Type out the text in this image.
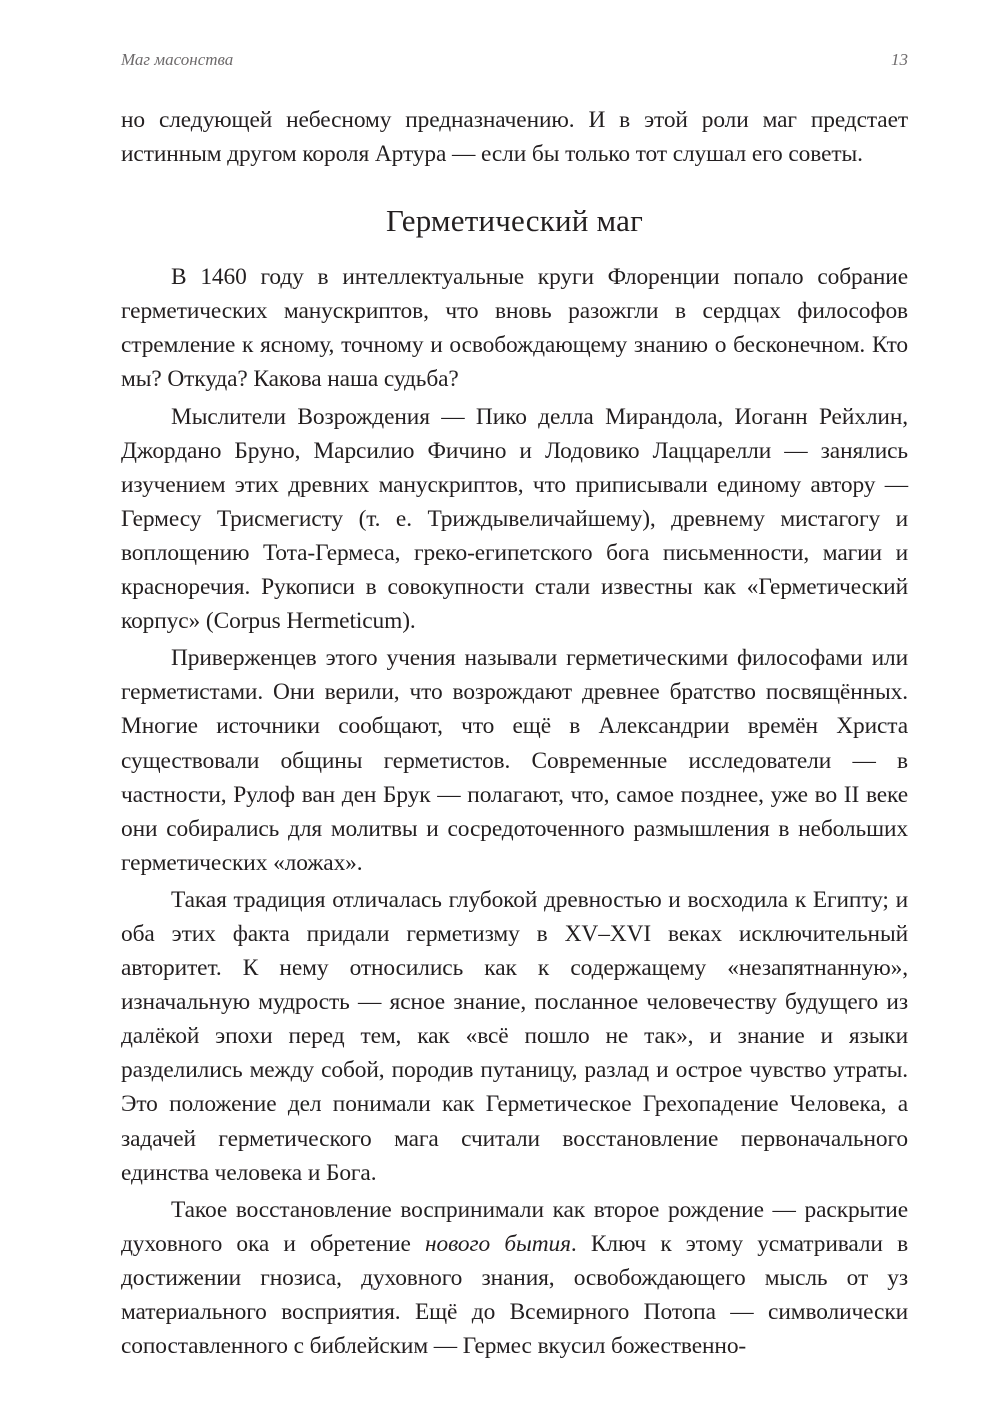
Маг масонства	13

но следующей небесному предназначению. И в этой роли маг предстает истинным другом короля Артура — если бы только тот слушал его советы.

Герметический маг

В 1460 году в интеллектуальные круги Флоренции попало собрание герметических манускриптов, что вновь разожгли в сердцах философов стремление к ясному, точному и освобождающему знанию о бесконечном. Кто мы? Откуда? Какова наша судьба?

Мыслители Возрождения — Пико делла Мирандола, Иоганн Рейхлин, Джордано Бруно, Марсилио Фичино и Лодовико Лаццарелли — занялись изучением этих древних манускриптов, что приписывали единому автору — Гермесу Трисмегисту (т. е. Триждывеличайшему), древнему мистагогу и воплощению Тота-Гермеса, греко-египетского бога письменности, магии и красноречия. Рукописи в совокупности стали известны как «Герметический корпус» (Corpus Hermeticum).

Приверженцев этого учения называли герметическими философами или герметистами. Они верили, что возрождают древнее братство посвящённых. Многие источники сообщают, что ещё в Александрии времён Христа существовали общины герметистов. Современные исследователи — в частности, Рулоф ван ден Брук — полагают, что, самое позднее, уже во II веке они собирались для молитвы и сосредоточенного размышления в небольших герметических «ложах».

Такая традиция отличалась глубокой древностью и восходила к Египту; и оба этих факта придали герметизму в XV–XVI веках исключительный авторитет. К нему относились как к содержащему «незапятнанную», изначальную мудрость — ясное знание, посланное человечеству будущего из далёкой эпохи перед тем, как «всё пошло не так», и знание и языки разделились между собой, породив путаницу, разлад и острое чувство утраты. Это положение дел понимали как Герметическое Грехопадение Человека, а задачей герметического мага считали восстановление первоначального единства человека и Бога.

Такое восстановление воспринимали как второе рождение — раскрытие духовного ока и обретение нового бытия. Ключ к этому усматривали в достижении гнозиса, духовного знания, освобождающего мысль от уз материального восприятия. Ещё до Всемирного Потопа — символически сопоставленного с библейским — Гермес вкусил божественно-
